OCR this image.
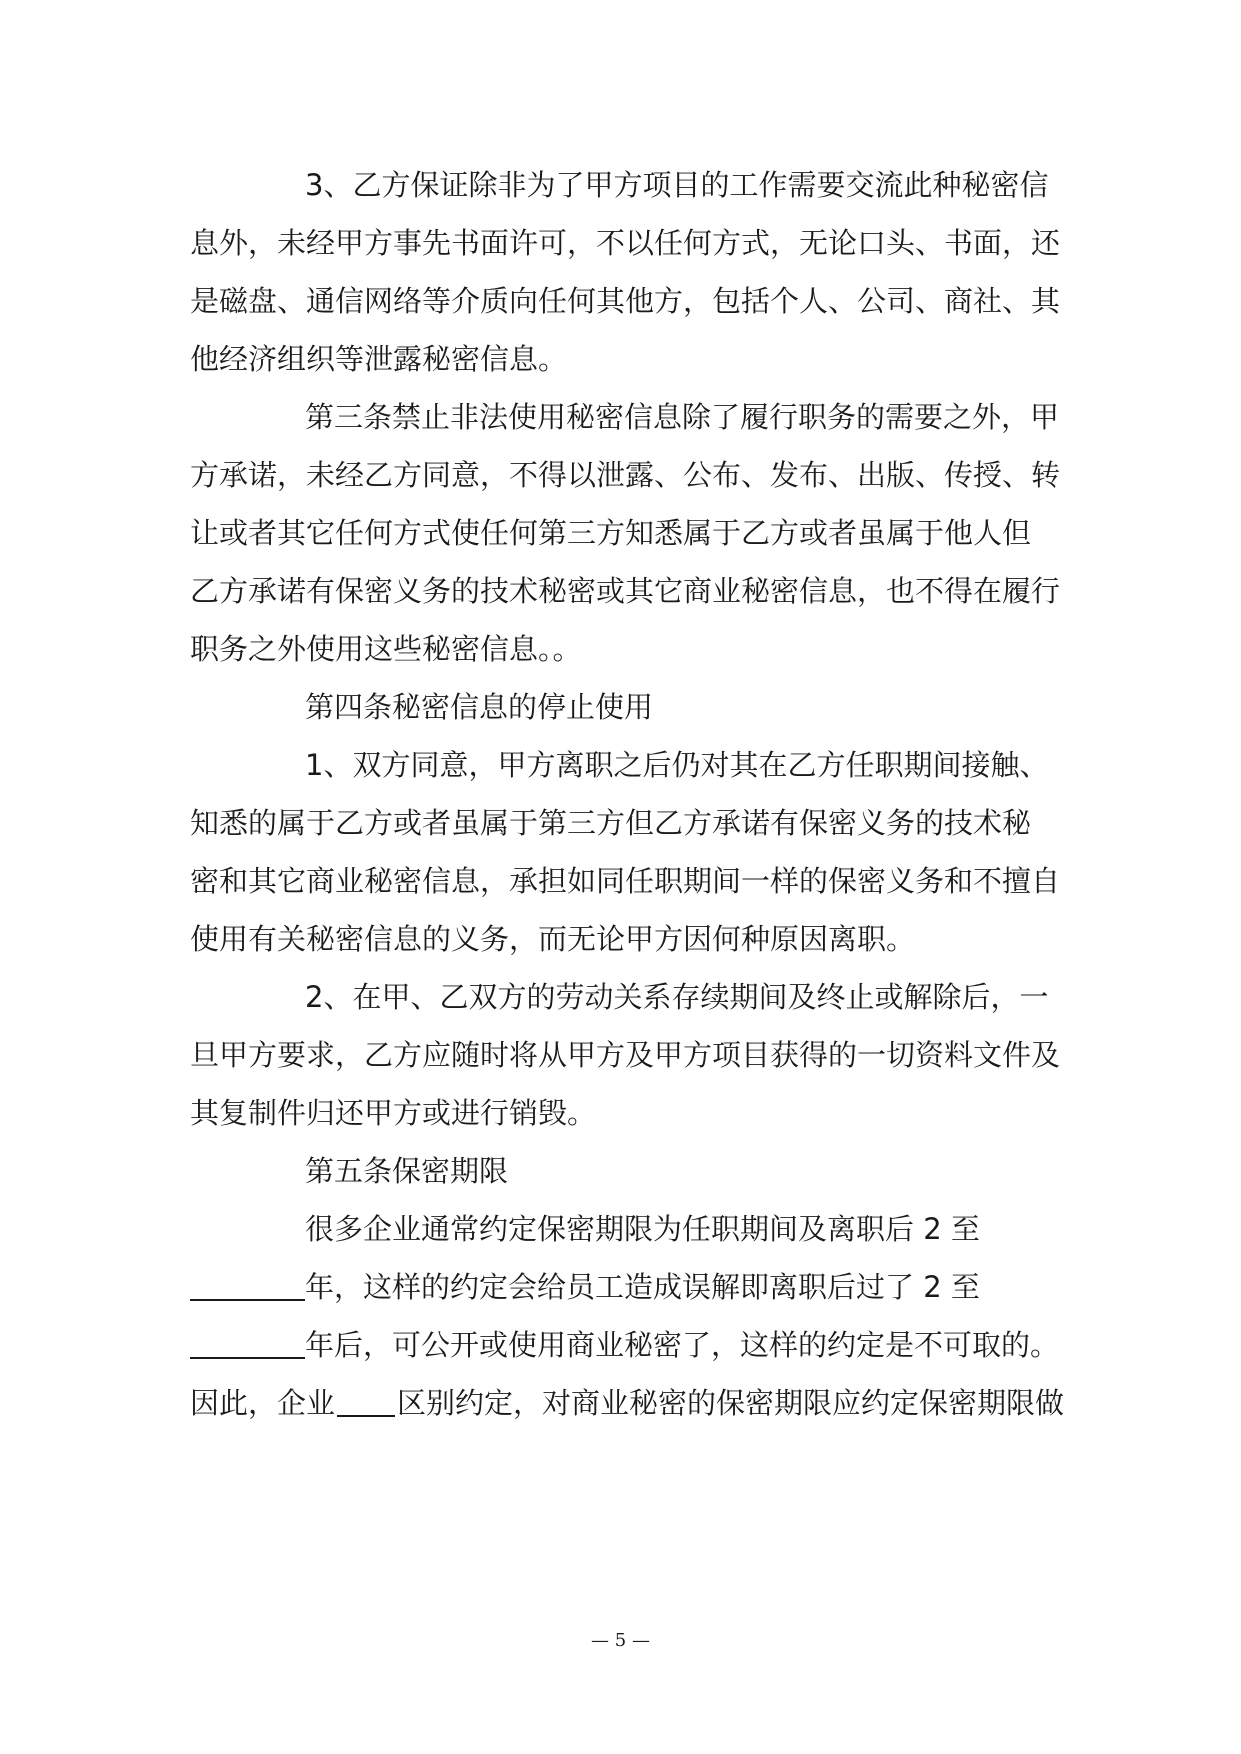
3、乙方保证除非为了甲方项目的工作需要交流此种秘密信
息外，未经甲方事先书面许可，不以任何方式，无论口头、书面，还
是磁盘、通信网络等介质向任何其他方，包括个人、公司、商社、其
他经济组织等泄露秘密信息。
第三条禁止非法使用秘密信息除了履行职务的需要之外，甲
方承诺，未经乙方同意，不得以泄露、公布、发布、出版、传授、转
让或者其它任何方式使任何第三方知悉属于乙方或者虽属于他人但
乙方承诺有保密义务的技术秘密或其它商业秘密信息，也不得在履行
职务之外使用这些秘密信息。。
第四条秘密信息的停止使用
1、双方同意，甲方离职之后仍对其在乙方任职期间接触、
知悉的属于乙方或者虽属于第三方但乙方承诺有保密义务的技术秘
密和其它商业秘密信息，承担如同任职期间一样的保密义务和不擅自
使用有关秘密信息的义务，而无论甲方因何种原因离职。
2、在甲、乙双方的劳动关系存续期间及终止或解除后，一
旦甲方要求，乙方应随时将从甲方及甲方项目获得的一切资料文件及
其复制件归还甲方或进行销毁。
第五条保密期限
很多企业通常约定保密期限为任职期间及离职后 2 至
年，这样的约定会给员工造成误解即离职后过了 2 至
年后，可公开或使用商业秘密了，这样的约定是不可取的。
因此，企业 区别约定，对商业秘密的保密期限应约定保密期限做
— 5 —
